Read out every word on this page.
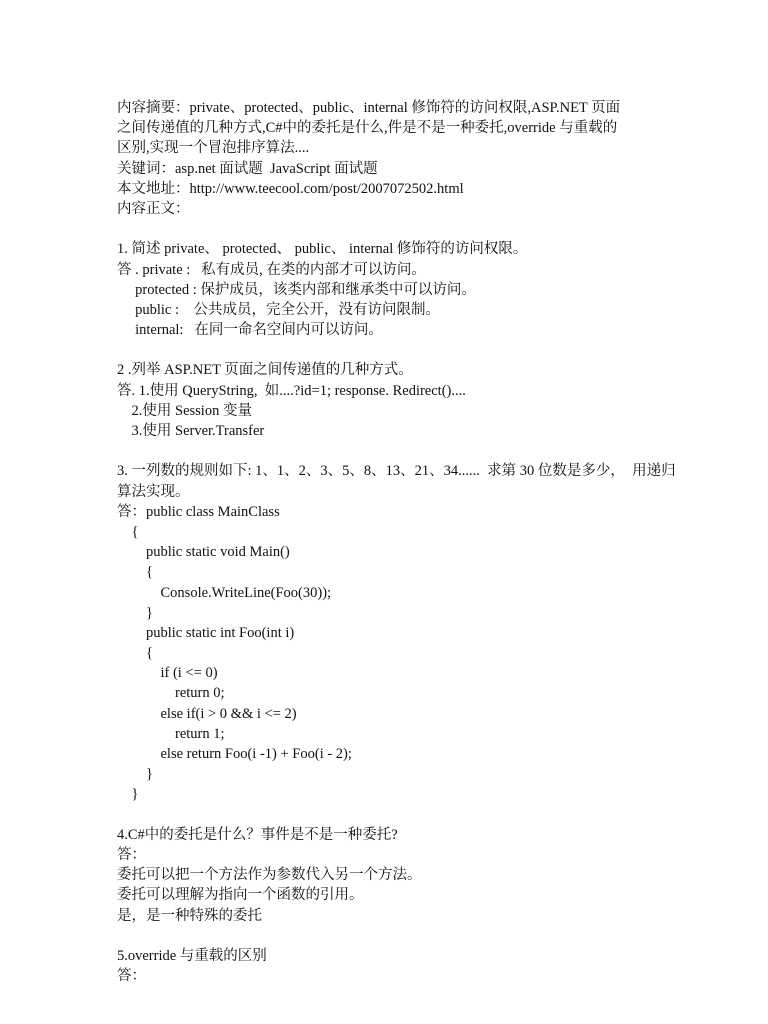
内容摘要：private、protected、public、internal 修饰符的访问权限,ASP.NET 页面
之间传递值的几种方式,C#中的委托是什么,件是不是一种委托,override 与重载的
区别,实现一个冒泡排序算法....
关键词：asp.net 面试题  JavaScript 面试题
本文地址：http://www.teecool.com/post/2007072502.html
内容正文：
1. 简述 private、 protected、 public、 internal 修饰符的访问权限。
答 . private :   私有成员, 在类的内部才可以访问。
protected : 保护成员，该类内部和继承类中可以访问。
public :    公共成员，完全公开，没有访问限制。
internal:   在同一命名空间内可以访问。
2 .列举 ASP.NET 页面之间传递值的几种方式。
答. 1.使用 QueryString,  如....?id=1; response. Redirect()....
2.使用 Session 变量
3.使用 Server.Transfer
3. 一列数的规则如下: 1、1、2、3、5、8、13、21、34......  求第 30 位数是多少，  用递归
算法实现。
答：public class MainClass
{
public static void Main()
{
Console.WriteLine(Foo(30));
}
public static int Foo(int i)
{
if (i <= 0)
return 0;
else if(i > 0 && i <= 2)
return 1;
else return Foo(i -1) + Foo(i - 2);
}
}
4.C#中的委托是什么？事件是不是一种委托?
答：
委托可以把一个方法作为参数代入另一个方法。
委托可以理解为指向一个函数的引用。
是，是一种特殊的委托
5.override 与重载的区别
答：
